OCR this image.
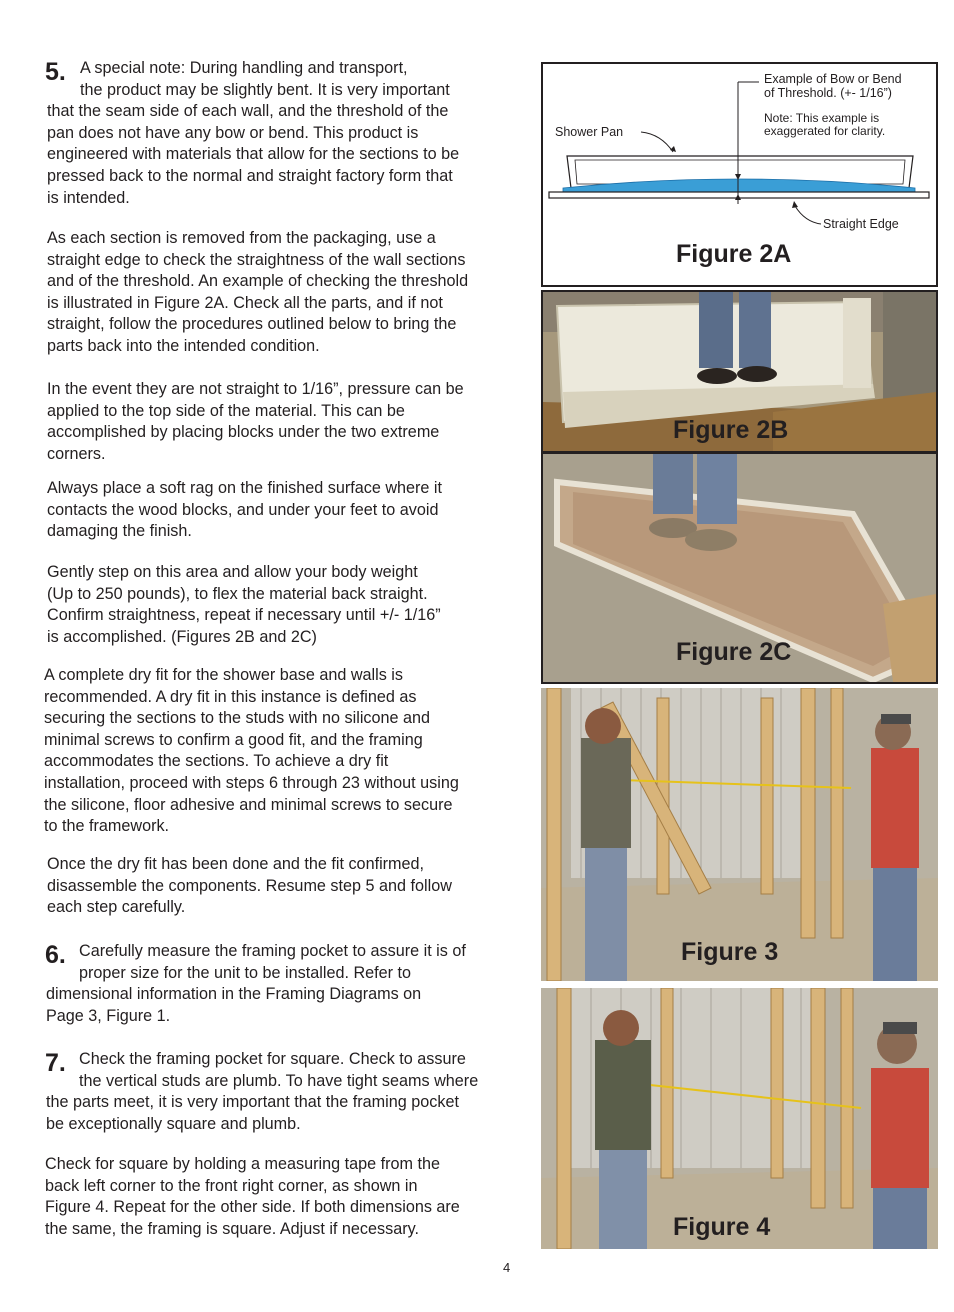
5. A special note: During handling and transport,
the product may be slightly bent. It is very important
that the seam side of each wall, and the threshold of the
pan does not have any bow or bend. This product is
engineered with materials that allow for the sections to be
pressed back to the normal and straight factory form that
is intended.
As each section is removed from the packaging, use a
straight edge to check the straightness of the wall sections
and of the threshold. An example of checking the threshold
is illustrated in Figure 2A. Check all the parts, and if not
straight, follow the procedures outlined below to bring the
parts back into the intended condition.
In the event they are not straight to 1/16”, pressure can be
applied to the top side of the material. This can be
accomplished by placing blocks under the two extreme
corners.
Always place a soft rag on the finished surface where it
contacts the wood blocks, and under your feet to avoid
damaging the finish.
Gently step on this area and allow your body weight
(Up to 250 pounds), to flex the material back straight.
Confirm straightness, repeat if necessary until +/- 1/16”
is accomplished. (Figures 2B and 2C)
A complete dry fit for the shower base and walls is
recommended. A dry fit in this instance is defined as
securing the sections to the studs with no silicone and
minimal screws to confirm a good fit, and the framing
accommodates the sections. To achieve a dry fit
installation, proceed with steps 6 through 23 without using
the silicone, floor adhesive and minimal screws to secure
to the framework.
Once the dry fit has been done and the fit confirmed,
disassemble the components. Resume step 5 and follow
each step carefully.
6. Carefully measure the framing pocket to assure it is of
proper size for the unit to be installed. Refer to
dimensional information in the Framing Diagrams on
Page 3, Figure 1.
7. Check the framing pocket for square. Check to assure
the vertical studs are plumb. To have tight seams where
the parts meet, it is very important that the framing pocket
be exceptionally square and plumb.
Check for square by holding a measuring tape from the
back left corner to the front right corner, as shown in
Figure 4. Repeat for the other side. If both dimensions are
the same, the framing is square. Adjust if necessary.
Example of Bow or Bend
of Threshold. (+- 1/16”)
Note: This example is
exaggerated for clarity.
Shower Pan
Straight Edge
Figure 2A
Figure 2B
Figure 2C
Figure 3
Figure 4
4
